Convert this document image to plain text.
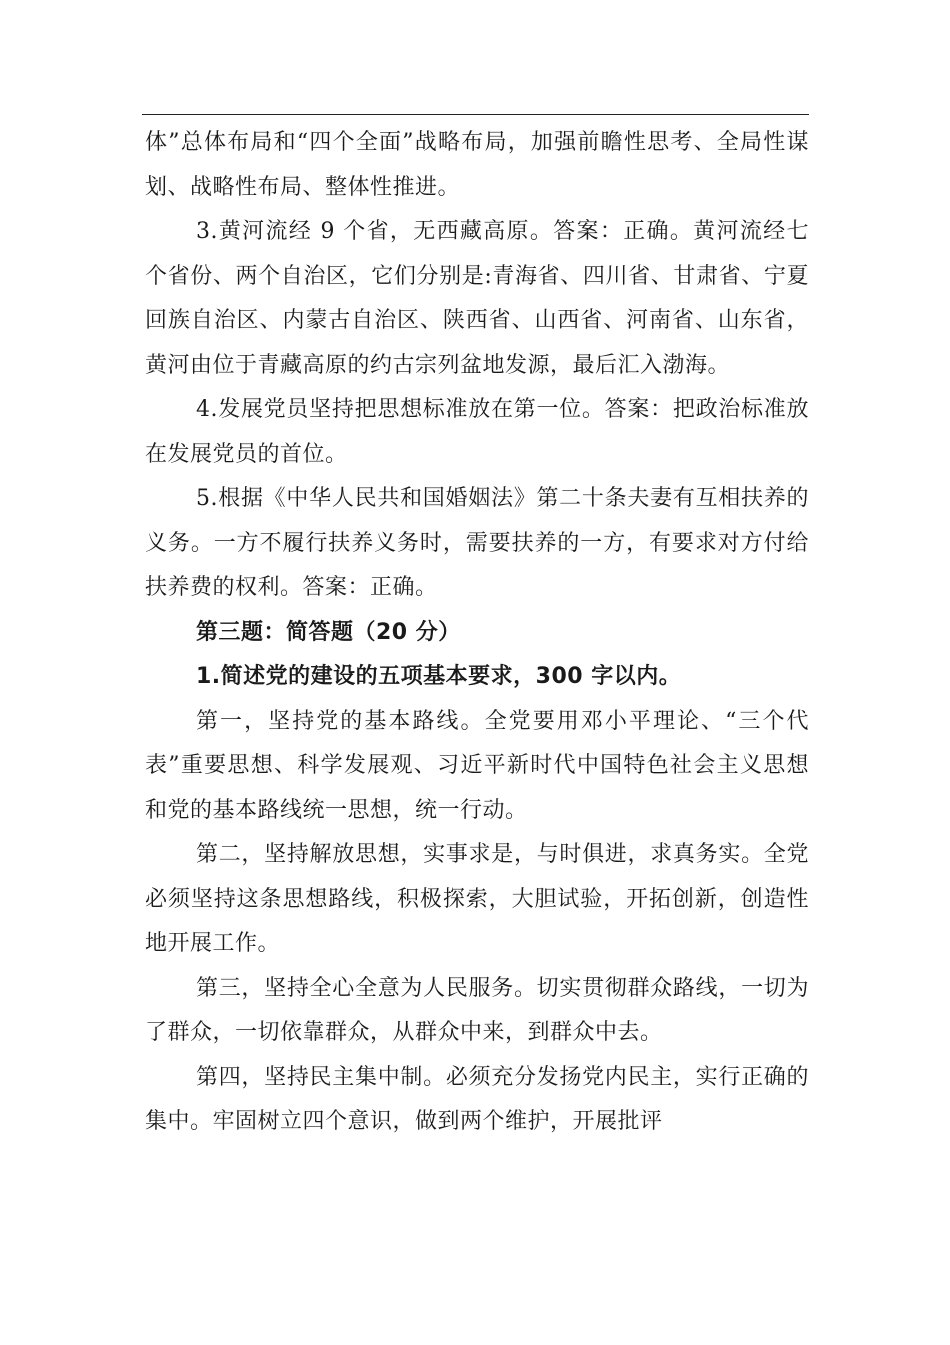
体”总体布局和“四个全面”战略布局，加强前瞻性思考、全局性谋划、战略性布局、整体性推进。

3.黄河流经 9 个省，无西藏高原。答案：正确。黄河流经七个省份、两个自治区，它们分别是:青海省、四川省、甘肃省、宁夏回族自治区、内蒙古自治区、陕西省、山西省、河南省、山东省，黄河由位于青藏高原的约古宗列盆地发源，最后汇入渤海。

4.发展党员坚持把思想标准放在第一位。答案：把政治标准放在发展党员的首位。

5.根据《中华人民共和国婚姻法》第二十条夫妻有互相扶养的义务。一方不履行扶养义务时，需要扶养的一方，有要求对方付给扶养费的权利。答案：正确。

第三题：简答题（20 分）

1.简述党的建设的五项基本要求，300 字以内。

第一，坚持党的基本路线。全党要用邓小平理论、“三个代表”重要思想、科学发展观、习近平新时代中国特色社会主义思想和党的基本路线统一思想，统一行动。

第二，坚持解放思想，实事求是，与时俱进，求真务实。全党必须坚持这条思想路线，积极探索，大胆试验，开拓创新，创造性地开展工作。

第三，坚持全心全意为人民服务。切实贯彻群众路线，一切为了群众，一切依靠群众，从群众中来，到群众中去。

第四，坚持民主集中制。必须充分发扬党内民主，实行正确的集中。牢固树立四个意识，做到两个维护，开展批评
